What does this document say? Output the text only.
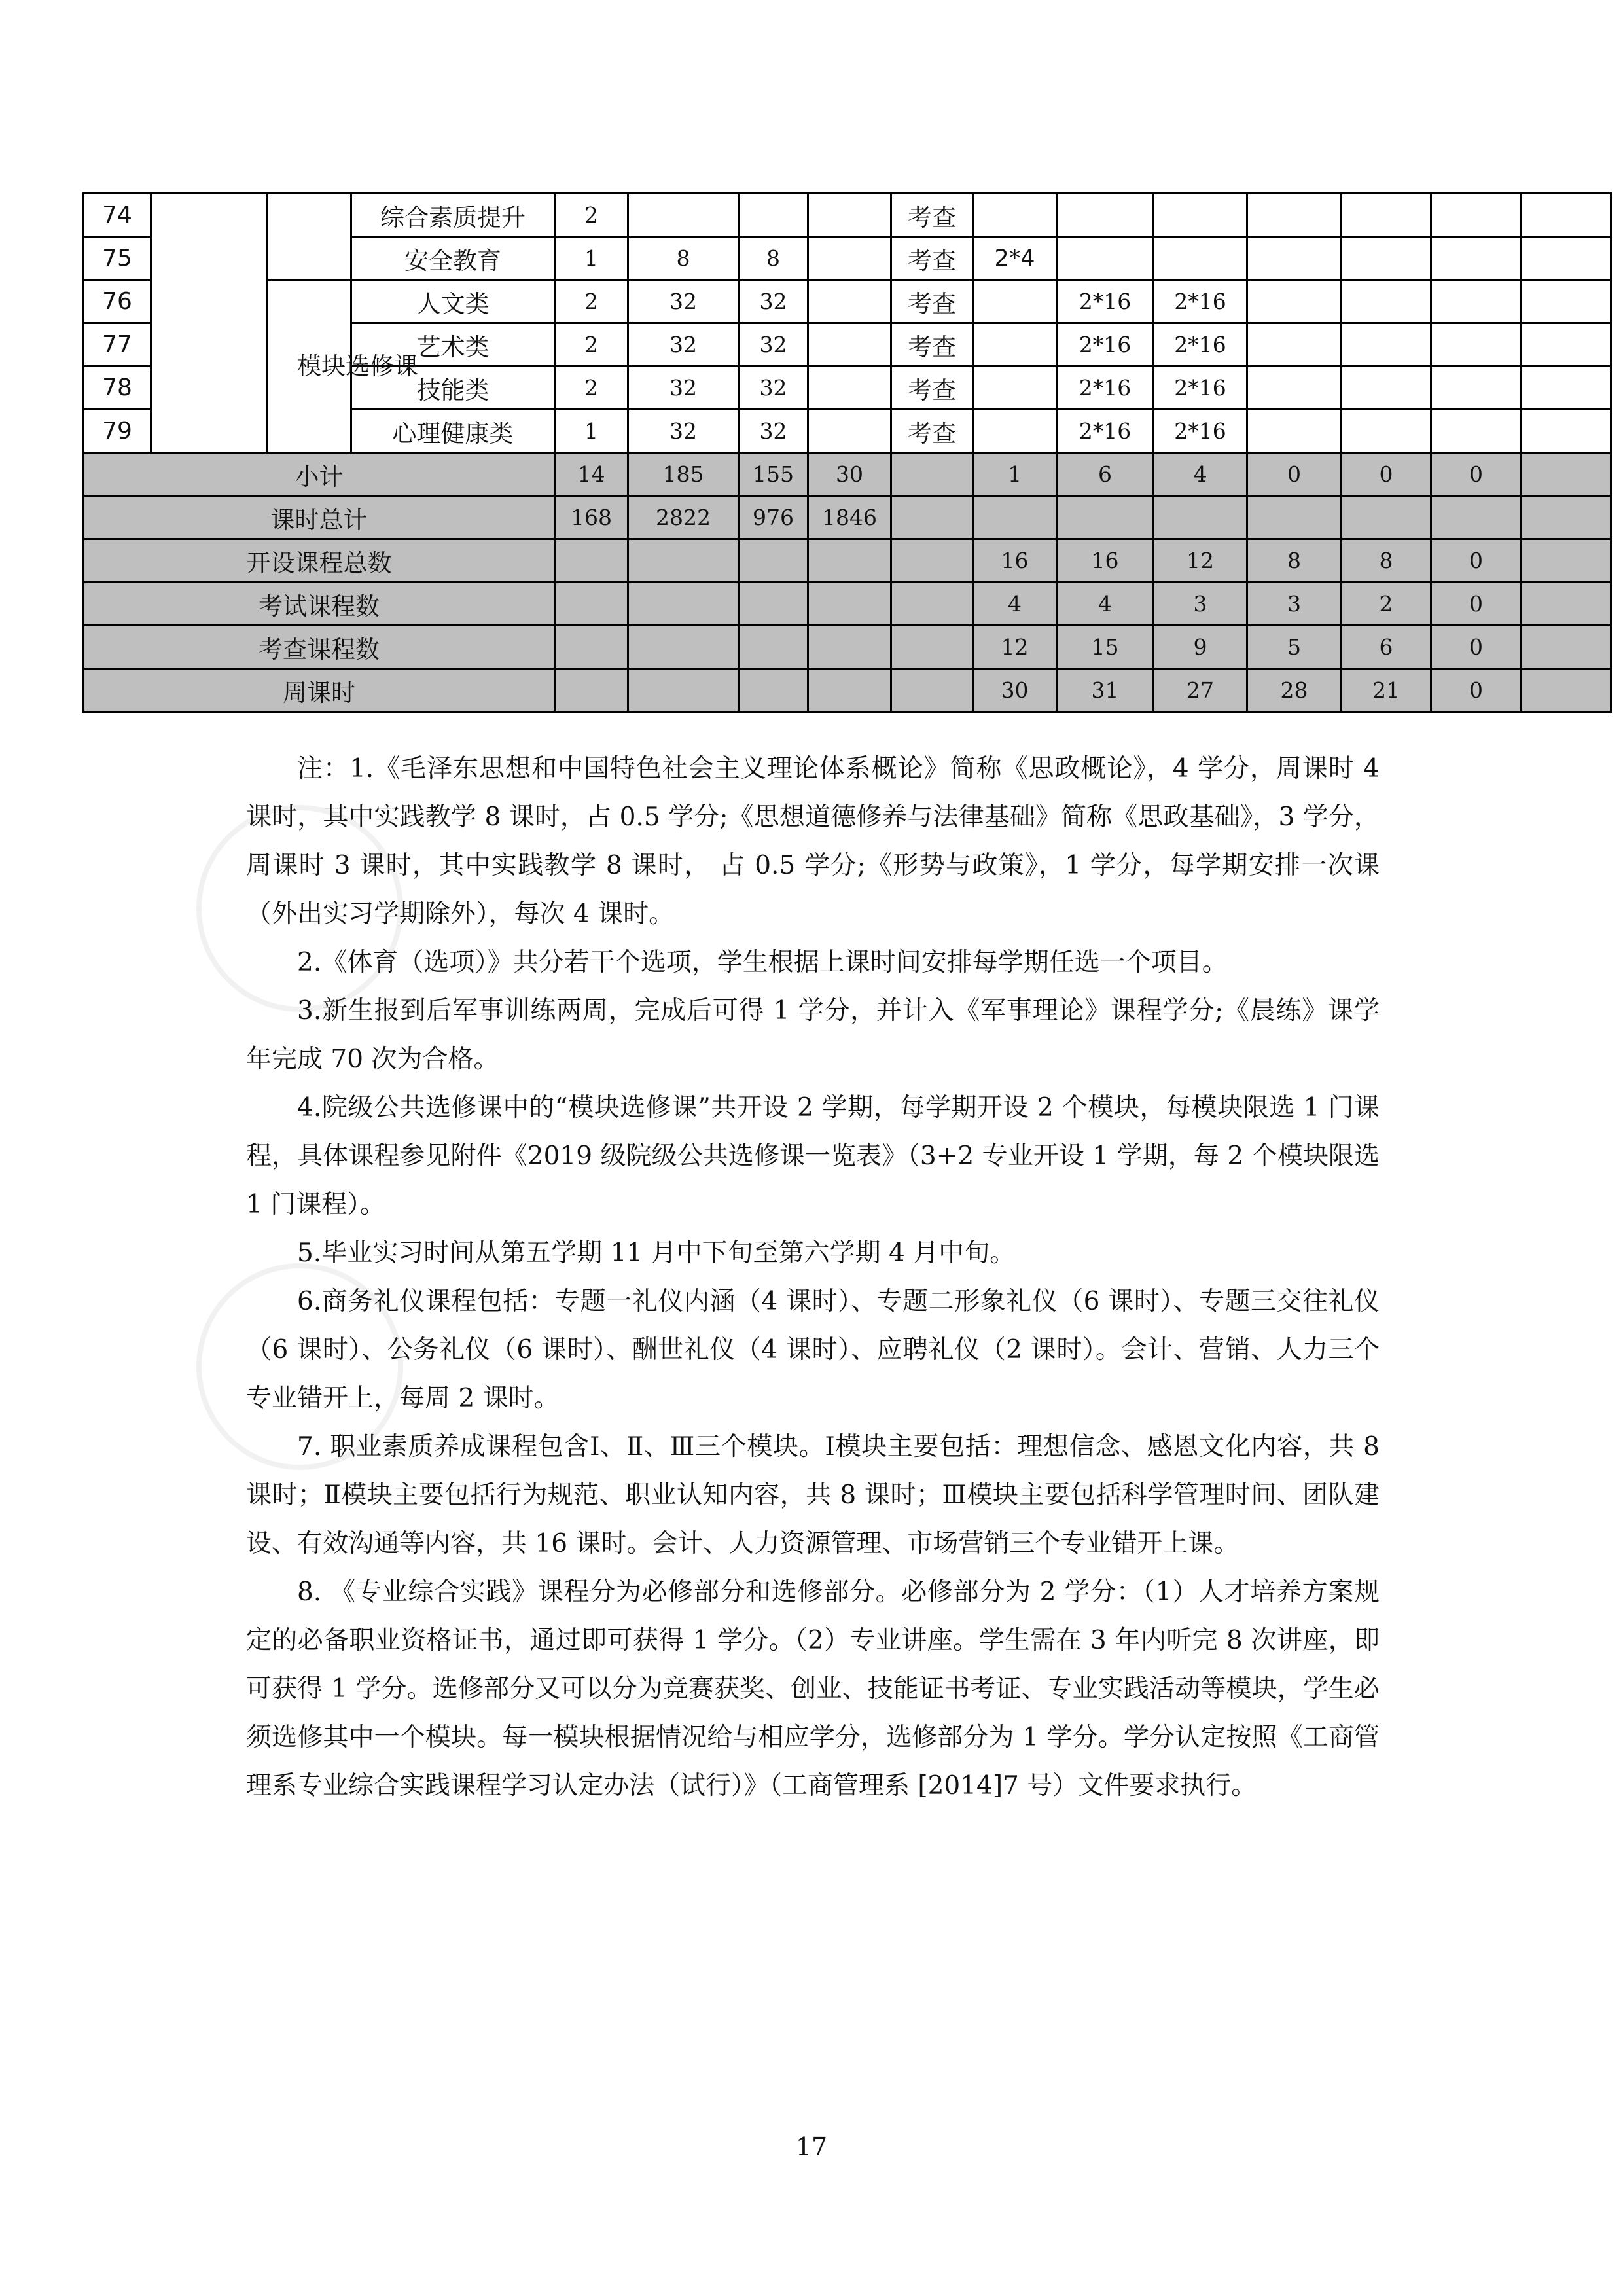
74			综合素质提升	2				考查							
75			安全教育	1	8	8		考查	2*4						
76		模块选修课	人文类	2	32	32		考查		2*16	2*16				
77			艺术类	2	32	32		考查		2*16	2*16				
78			技能类	2	32	32		考查		2*16	2*16				
79			心理健康类	1	32	32		考查		2*16	2*16				
小计				14	185	155	30		1	6	4	0	0	0	
课时总计				168	2822	976	1846								
开设课程总数									16	16	12	8	8	0	
考试课程数									4	4	3	3	2	0	
考查课程数									12	15	9	5	6	0	
周课时									30	31	27	28	21	0	

注：1.《毛泽东思想和中国特色社会主义理论体系概论》简称《思政概论》，4 学分，周课时 4 课时，其中实践教学 8 课时，占 0.5 学分;《思想道德修养与法律基础》简称《思政基础》，3 学分，周课时 3 课时，其中实践教学 8 课时， 占 0.5 学分;《形势与政策》，1 学分，每学期安排一次课（外出实习学期除外），每次 4 课时。

2.《体育（选项）》共分若干个选项，学生根据上课时间安排每学期任选一个项目。

3.新生报到后军事训练两周，完成后可得 1 学分，并计入《军事理论》课程学分;《晨练》课学年完成 70 次为合格。

4.院级公共选修课中的“模块选修课”共开设 2 学期，每学期开设 2 个模块，每模块限选 1 门课程，具体课程参见附件《2019 级院级公共选修课一览表》（3+2 专业开设 1 学期，每 2 个模块限选 1 门课程）。

5.毕业实习时间从第五学期 11 月中下旬至第六学期 4 月中旬。

6.商务礼仪课程包括：专题一礼仪内涵（4 课时）、专题二形象礼仪（6 课时）、专题三交往礼仪（6 课时）、公务礼仪（6 课时）、酬世礼仪（4 课时）、应聘礼仪（2 课时）。会计、营销、人力三个专业错开上，每周 2 课时。

7. 职业素质养成课程包含Ⅰ、Ⅱ、Ⅲ三个模块。Ⅰ模块主要包括：理想信念、感恩文化内容，共 8 课时；Ⅱ模块主要包括行为规范、职业认知内容，共 8 课时；Ⅲ模块主要包括科学管理时间、团队建设、有效沟通等内容，共 16 课时。会计、人力资源管理、市场营销三个专业错开上课。

8. 《专业综合实践》课程分为必修部分和选修部分。必修部分为 2 学分：（1）人才培养方案规定的必备职业资格证书，通过即可获得 1 学分。（2）专业讲座。学生需在 3 年内听完 8 次讲座，即可获得 1 学分。选修部分又可以分为竞赛获奖、创业、技能证书考证、专业实践活动等模块，学生必须选修其中一个模块。每一模块根据情况给与相应学分，选修部分为 1 学分。学分认定按照《工商管理系专业综合实践课程学习认定办法（试行）》（工商管理系 [2014]7 号）文件要求执行。

17
